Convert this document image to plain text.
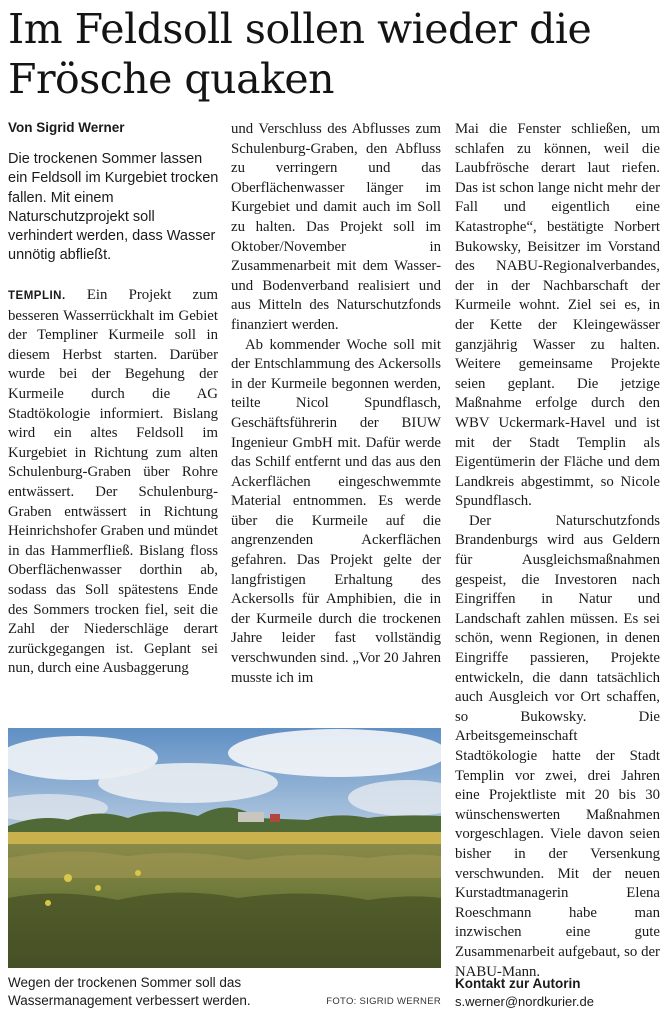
Im Feldsoll sollen wieder die Frösche quaken
Von Sigrid Werner
Die trockenen Sommer lassen ein Feldsoll im Kurgebiet trocken fallen. Mit einem Naturschutzprojekt soll verhindert werden, dass Wasser unnötig abfließt.

TEMPLIN. Ein Projekt zum besseren Wasserrückhalt im Gebiet der Templiner Kurmeile soll in diesem Herbst starten. Darüber wurde bei der Begehung der Kurmeile durch die AG Stadtökologie informiert. Bislang wird ein altes Feldsoll im Kurgebiet in Richtung zum alten Schulenburg-Graben über Rohre entwässert. Der Schulenburg-Graben entwässert in Richtung Heinrichshofer Graben und mündet in das Hammerfließ. Bislang floss Oberflächenwasser dorthin ab, sodass das Soll spätestens Ende des Sommers trocken fiel, seit die Zahl der Niederschläge derart zurückgegangen ist. Geplant sei nun, durch eine Ausbaggerung

und Verschluss des Abflusses zum Schulenburg-Graben, den Abfluss zu verringern und das Oberflächenwasser länger im Kurgebiet und damit auch im Soll zu halten. Das Projekt soll im Oktober/November in Zusammenarbeit mit dem Wasser- und Bodenverband realisiert und aus Mitteln des Naturschutzfonds finanziert werden.

Ab kommender Woche soll mit der Entschlammung des Ackersolls in der Kurmeile begonnen werden, teilte Nicol Spundflasch, Geschäftsführerin der BIUW Ingenieur GmbH mit. Dafür werde das Schilf entfernt und das aus den Ackerflächen eingeschwemmte Material entnommen. Es werde über die Kurmeile auf die angrenzenden Ackerflächen gefahren. Das Projekt gelte der langfristigen Erhaltung des Ackersolls für Amphibien, die in der Kurmeile durch die trockenen Jahre leider fast vollständig verschwunden sind. „Vor 20 Jahren musste ich im

Mai die Fenster schließen, um schlafen zu können, weil die Laubfrösche derart laut riefen. Das ist schon lange nicht mehr der Fall und eigentlich eine Katastrophe“, bestätigte Norbert Bukowsky, Beisitzer im Vorstand des NABU-Regionalverbandes, der in der Nachbarschaft der Kurmeile wohnt. Ziel sei es, in der Kette der Kleingewässer ganzjährig Wasser zu halten. Weitere gemeinsame Projekte seien geplant. Die jetzige Maßnahme erfolge durch den WBV Uckermark-Havel und ist mit der Stadt Templin als Eigentümerin der Fläche und dem Landkreis abgestimmt, so Nicole Spundflasch.

Der Naturschutzfonds Brandenburgs wird aus Geldern für Ausgleichsmaßnahmen gespeist, die Investoren nach Eingriffen in Natur und Landschaft zahlen müssen. Es sei schön, wenn Regionen, in denen Eingriffe passieren, Projekte entwickeln, die dann tatsächlich auch Ausgleich vor Ort schaffen, so Bukowsky. Die Arbeitsgemeinschaft Stadtökologie hatte der Stadt Templin vor zwei, drei Jahren eine Projektliste mit 20 bis 30 wünschenswerten Maßnahmen vorgeschlagen. Viele davon seien bisher in der Versenkung verschwunden. Mit der neuen Kurstadtmanagerin Elena Roeschmann habe man inzwischen eine gute Zusammenarbeit aufgebaut, so der NABU-Mann.

Wegen der trockenen Sommer soll das Wassermanagement verbessert werden.	FOTO: SIGRID WERNER
Kontakt zur Autorin
s.werner@nordkurier.de
